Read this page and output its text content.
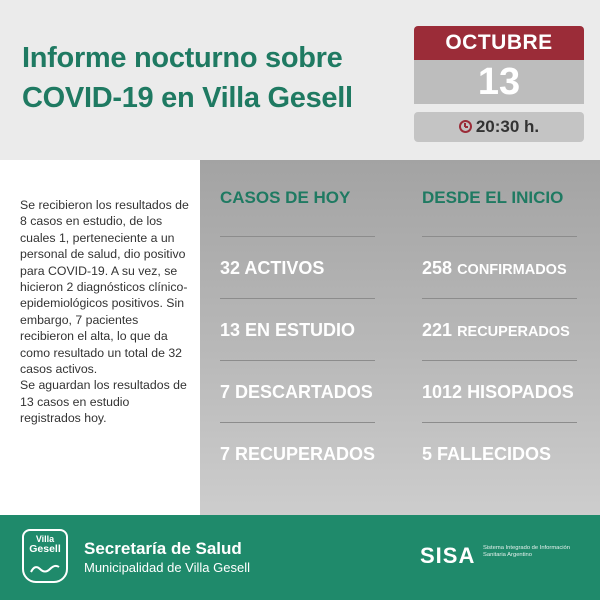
Informe nocturno sobre
COVID-19 en Villa Gesell
OCTUBRE
13
20:30 h.

Se recibieron los resultados de 8 casos en estudio, de los cuales 1, perteneciente a un personal de salud, dio positivo para COVID-19. A su vez, se hicieron 2 diagnósticos clínico-epidemiológicos positivos. Sin embargo, 7 pacientes recibieron el alta, lo que da como resultado un total de 32 casos activos.

Se aguardan los resultados de 13 casos en estudio registrados hoy.

CASOS DE HOY
32 ACTIVOS
13 EN ESTUDIO
7 DESCARTADOS
7 RECUPERADOS
DESDE EL INICIO
258 CONFIRMADOS
221 RECUPERADOS
1012 HISOPADOS
5 FALLECIDOS
Villa
Gesell	Secretaría de Salud
Municipalidad de Villa Gesell	SISA Sistema Integrado de Información Sanitaria Argentino
